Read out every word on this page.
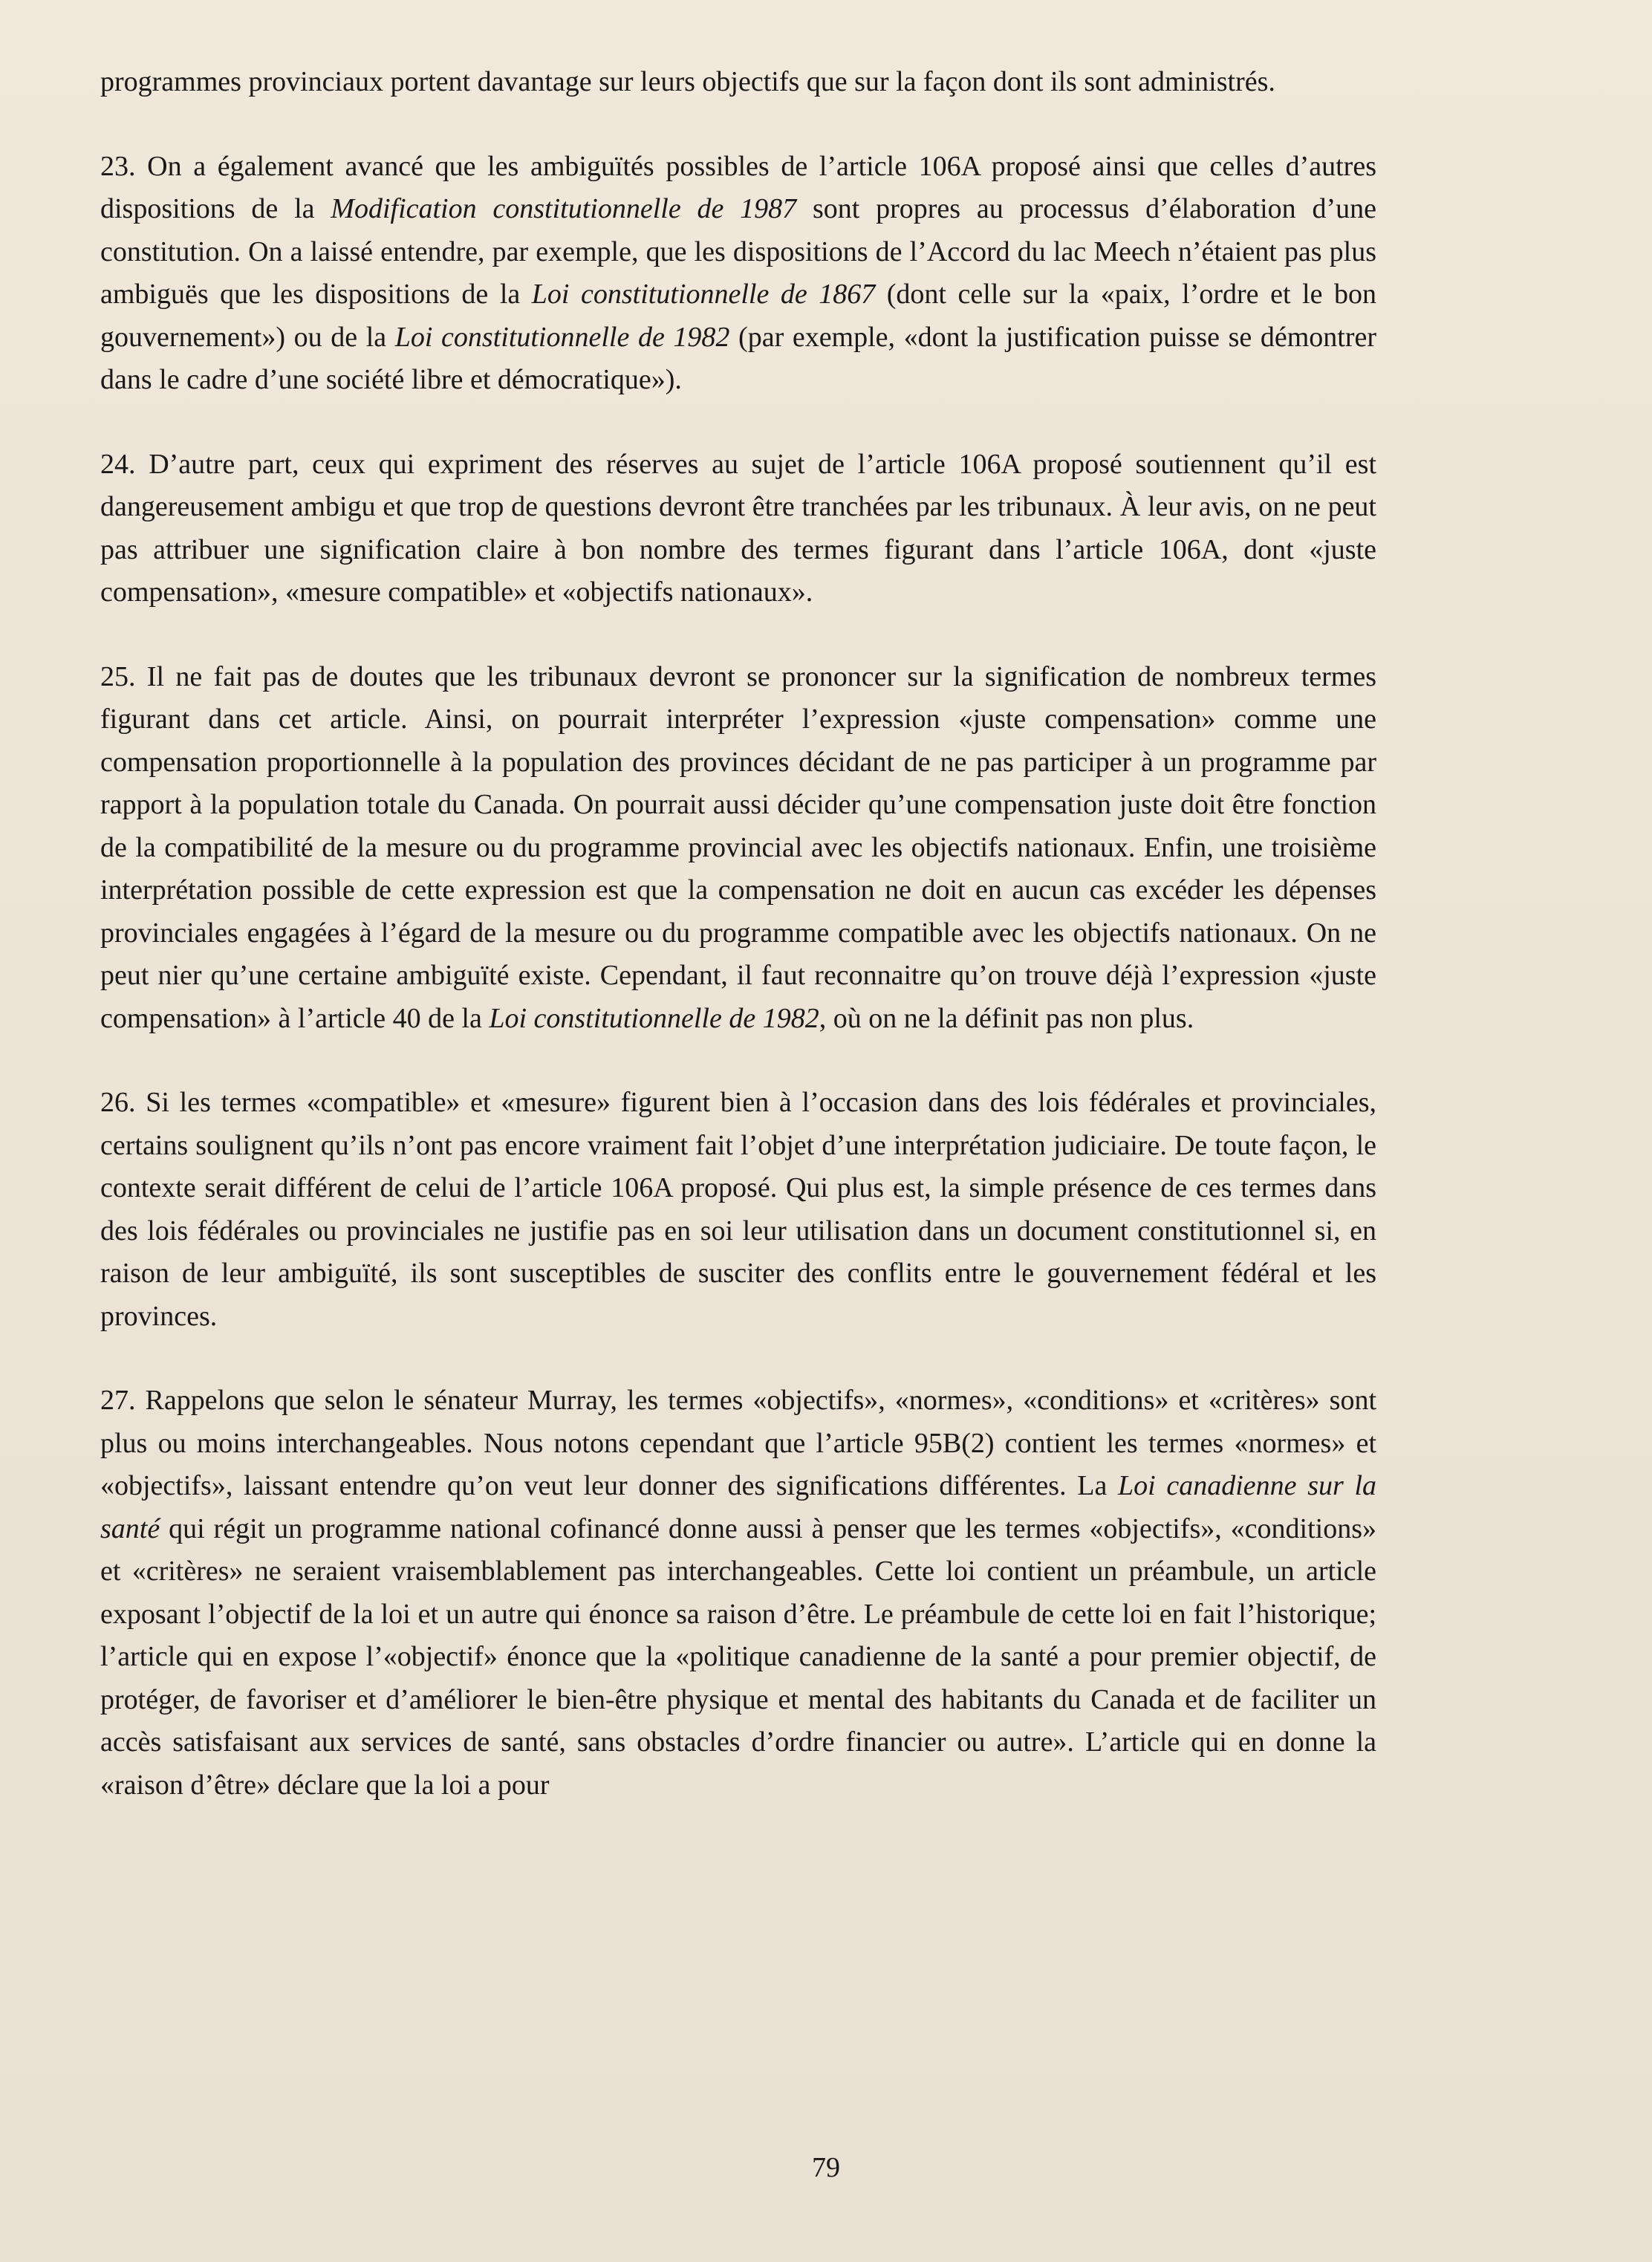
programmes provinciaux portent davantage sur leurs objectifs que sur la façon dont ils sont administrés.

23. On a également avancé que les ambiguïtés possibles de l’article 106A proposé ainsi que celles d’autres dispositions de la Modification constitutionnelle de 1987 sont propres au processus d’élaboration d’une constitution. On a laissé entendre, par exemple, que les dispositions de l’Accord du lac Meech n’étaient pas plus ambiguës que les dispositions de la Loi constitutionnelle de 1867 (dont celle sur la «paix, l’ordre et le bon gouvernement») ou de la Loi constitutionnelle de 1982 (par exemple, «dont la justification puisse se démontrer dans le cadre d’une société libre et démocratique»).

24. D’autre part, ceux qui expriment des réserves au sujet de l’article 106A proposé soutiennent qu’il est dangereusement ambigu et que trop de questions devront être tranchées par les tribunaux. À leur avis, on ne peut pas attribuer une signification claire à bon nombre des termes figurant dans l’article 106A, dont «juste compensation», «mesure compatible» et «objectifs nationaux».

25. Il ne fait pas de doutes que les tribunaux devront se prononcer sur la signification de nombreux termes figurant dans cet article. Ainsi, on pourrait interpréter l’expression «juste compensation» comme une compensation proportionnelle à la population des provinces décidant de ne pas participer à un programme par rapport à la population totale du Canada. On pourrait aussi décider qu’une compensation juste doit être fonction de la compatibilité de la mesure ou du programme provincial avec les objectifs nationaux. Enfin, une troisième interprétation possible de cette expression est que la compensation ne doit en aucun cas excéder les dépenses provinciales engagées à l’égard de la mesure ou du programme compatible avec les objectifs nationaux. On ne peut nier qu’une certaine ambiguïté existe. Cependant, il faut reconnaitre qu’on trouve déjà l’expression «juste compensation» à l’article 40 de la Loi constitutionnelle de 1982, où on ne la définit pas non plus.

26. Si les termes «compatible» et «mesure» figurent bien à l’occasion dans des lois fédérales et provinciales, certains soulignent qu’ils n’ont pas encore vraiment fait l’objet d’une interprétation judiciaire. De toute façon, le contexte serait différent de celui de l’article 106A proposé. Qui plus est, la simple présence de ces termes dans des lois fédérales ou provinciales ne justifie pas en soi leur utilisation dans un document constitutionnel si, en raison de leur ambiguïté, ils sont susceptibles de susciter des conflits entre le gouvernement fédéral et les provinces.

27. Rappelons que selon le sénateur Murray, les termes «objectifs», «normes», «conditions» et «critères» sont plus ou moins interchangeables. Nous notons cependant que l’article 95B(2) contient les termes «normes» et «objectifs», laissant entendre qu’on veut leur donner des significations différentes. La Loi canadienne sur la santé qui régit un programme national cofinancé donne aussi à penser que les termes «objectifs», «conditions» et «critères» ne seraient vraisemblablement pas interchangeables. Cette loi contient un préambule, un article exposant l’objectif de la loi et un autre qui énonce sa raison d’être. Le préambule de cette loi en fait l’historique; l’article qui en expose l’«objectif» énonce que la «politique canadienne de la santé a pour premier objectif, de protéger, de favoriser et d’améliorer le bien-être physique et mental des habitants du Canada et de faciliter un accès satisfaisant aux services de santé, sans obstacles d’ordre financier ou autre». L’article qui en donne la «raison d’être» déclare que la loi a pour

79
